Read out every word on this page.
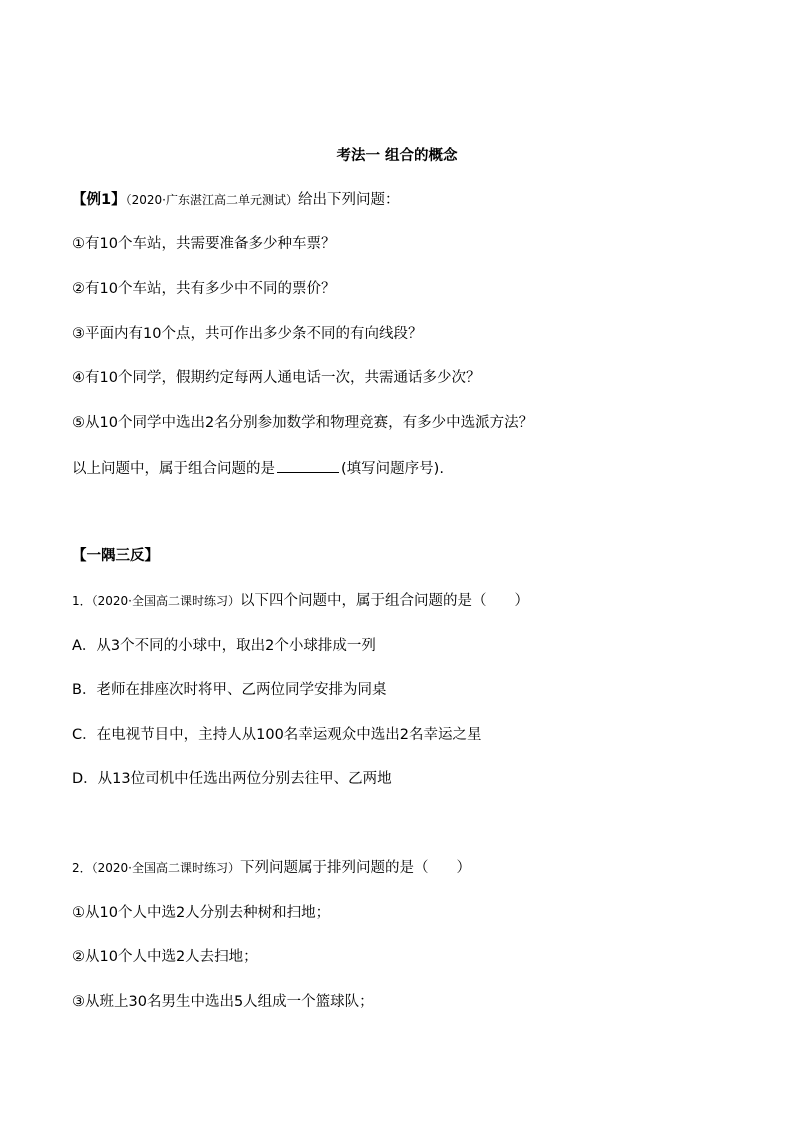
考法一 组合的概念
【例1】（2020·广东湛江高二单元测试）给出下列问题：
①有10个车站，共需要准备多少种车票？
②有10个车站，共有多少中不同的票价？
③平面内有10个点，共可作出多少条不同的有向线段？
④有10个同学，假期约定每两人通电话一次，共需通话多少次？
⑤从10个同学中选出2名分别参加数学和物理竞赛，有多少中选派方法？
以上问题中，属于组合问题的是	(填写问题序号).
【一隅三反】
1．（2020·全国高二课时练习）以下四个问题中，属于组合问题的是（ ）
A．从3个不同的小球中，取出2个小球排成一列
B．老师在排座次时将甲、乙两位同学安排为同桌
C．在电视节目中，主持人从100名幸运观众中选出2名幸运之星
D．从13位司机中任选出两位分别去往甲、乙两地
2．（2020·全国高二课时练习）下列问题属于排列问题的是（ ）
①从10个人中选2人分别去种树和扫地；
②从10个人中选2人去扫地；
③从班上30名男生中选出5人组成一个篮球队；
